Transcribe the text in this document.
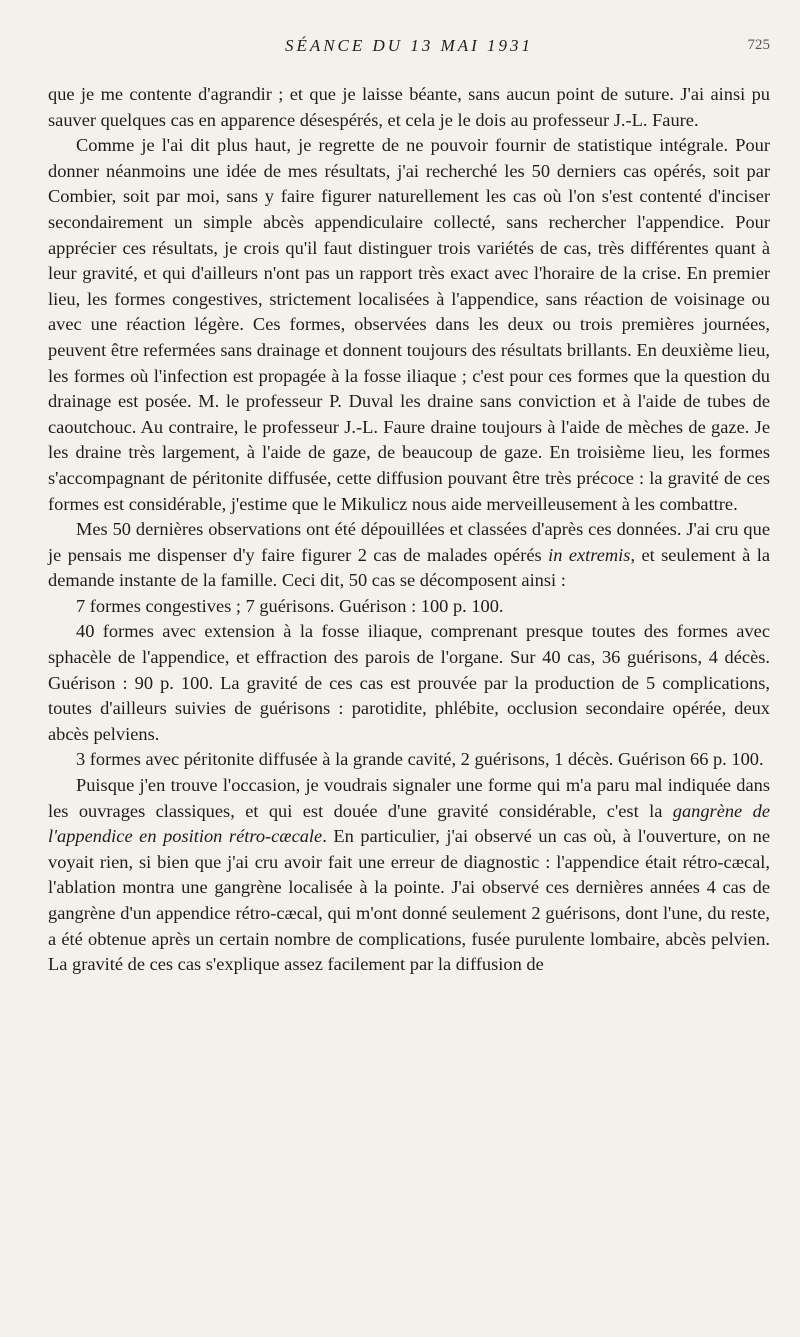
SÉANCE DU 13 MAI 1931	725

que je me contente d'agrandir ; et que je laisse béante, sans aucun point de suture. J'ai ainsi pu sauver quelques cas en apparence désespérés, et cela je le dois au professeur J.-L. Faure.

Comme je l'ai dit plus haut, je regrette de ne pouvoir fournir de statistique intégrale. Pour donner néanmoins une idée de mes résultats, j'ai recherché les 50 derniers cas opérés, soit par Combier, soit par moi, sans y faire figurer naturellement les cas où l'on s'est contenté d'inciser secondairement un simple abcès appendiculaire collecté, sans rechercher l'appendice. Pour apprécier ces résultats, je crois qu'il faut distinguer trois variétés de cas, très différentes quant à leur gravité, et qui d'ailleurs n'ont pas un rapport très exact avec l'horaire de la crise. En premier lieu, les formes congestives, strictement localisées à l'appendice, sans réaction de voisinage ou avec une réaction légère. Ces formes, observées dans les deux ou trois premières journées, peuvent être refermées sans drainage et donnent toujours des résultats brillants. En deuxième lieu, les formes où l'infection est propagée à la fosse iliaque ; c'est pour ces formes que la question du drainage est posée. M. le professeur P. Duval les draine sans conviction et à l'aide de tubes de caoutchouc. Au contraire, le professeur J.-L. Faure draine toujours à l'aide de mèches de gaze. Je les draine très largement, à l'aide de gaze, de beaucoup de gaze. En troisième lieu, les formes s'accompagnant de péritonite diffusée, cette diffusion pouvant être très précoce : la gravité de ces formes est considérable, j'estime que le Mikulicz nous aide merveilleusement à les combattre.

Mes 50 dernières observations ont été dépouillées et classées d'après ces données. J'ai cru que je pensais me dispenser d'y faire figurer 2 cas de malades opérés in extremis, et seulement à la demande instante de la famille. Ceci dit, 50 cas se décomposent ainsi :

7 formes congestives ; 7 guérisons. Guérison : 100 p. 100.

40 formes avec extension à la fosse iliaque, comprenant presque toutes des formes avec sphacèle de l'appendice, et effraction des parois de l'organe. Sur 40 cas, 36 guérisons, 4 décès. Guérison : 90 p. 100. La gravité de ces cas est prouvée par la production de 5 complications, toutes d'ailleurs suivies de guérisons : parotidite, phlébite, occlusion secondaire opérée, deux abcès pelviens.

3 formes avec péritonite diffusée à la grande cavité, 2 guérisons, 1 décès. Guérison 66 p. 100.

Puisque j'en trouve l'occasion, je voudrais signaler une forme qui m'a paru mal indiquée dans les ouvrages classiques, et qui est douée d'une gravité considérable, c'est la gangrène de l'appendice en position rétro-cæcale. En particulier, j'ai observé un cas où, à l'ouverture, on ne voyait rien, si bien que j'ai cru avoir fait une erreur de diagnostic : l'appendice était rétro-cæcal, l'ablation montra une gangrène localisée à la pointe. J'ai observé ces dernières années 4 cas de gangrène d'un appendice rétro-cæcal, qui m'ont donné seulement 2 guérisons, dont l'une, du reste, a été obtenue après un certain nombre de complications, fusée purulente lombaire, abcès pelvien. La gravité de ces cas s'explique assez facilement par la diffusion de
